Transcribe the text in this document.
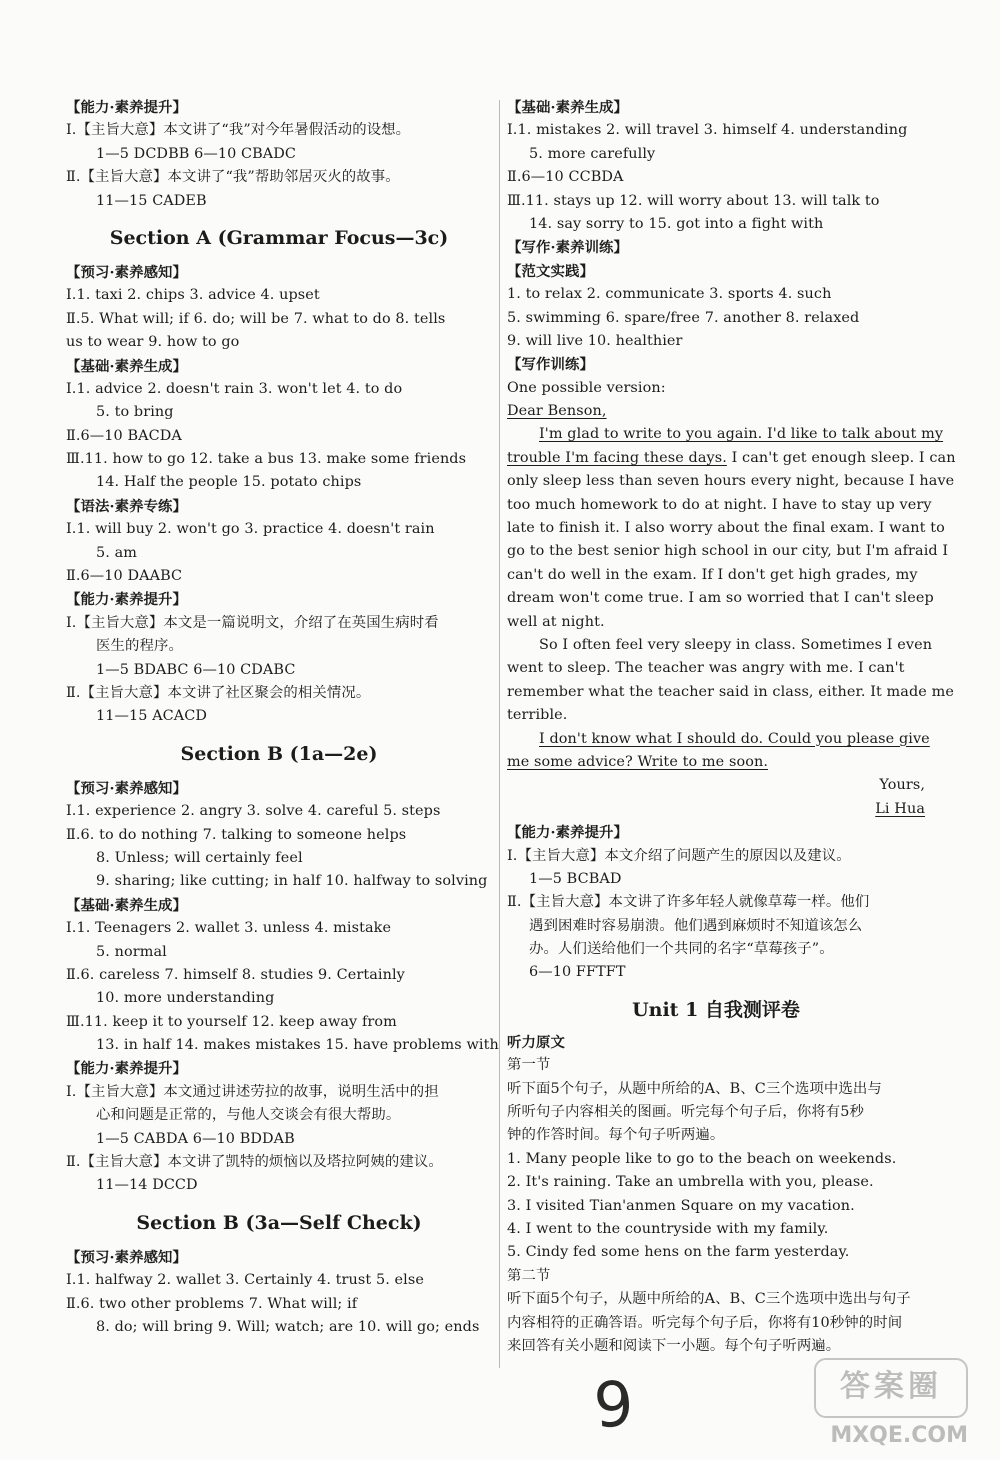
【能力·素养提升】
Ⅰ.【主旨大意】本文讲了“我”对今年暑假活动的设想。
1—5 DCDBB 6—10 CBADC
Ⅱ.【主旨大意】本文讲了“我”帮助邻居灭火的故事。
11—15 CADEB
Section A (Grammar Focus—3c)
【预习·素养感知】
Ⅰ.1. taxi 2. chips 3. advice 4. upset
Ⅱ.5. What will; if 6. do; will be 7. what to do 8. tells
us to wear 9. how to go
【基础·素养生成】
Ⅰ.1. advice 2. doesn't rain 3. won't let 4. to do
5. to bring
Ⅱ.6—10 BACDA
Ⅲ.11. how to go 12. take a bus 13. make some friends
14. Half the people 15. potato chips
【语法·素养专练】
Ⅰ.1. will buy 2. won't go 3. practice 4. doesn't rain
5. am
Ⅱ.6—10 DAABC
【能力·素养提升】
Ⅰ.【主旨大意】本文是一篇说明文，介绍了在英国生病时看
医生的程序。
1—5 BDABC 6—10 CDABC
Ⅱ.【主旨大意】本文讲了社区聚会的相关情况。
11—15 ACACD
Section B (1a—2e)
【预习·素养感知】
Ⅰ.1. experience 2. angry 3. solve 4. careful 5. steps
Ⅱ.6. to do nothing 7. talking to someone helps
8. Unless; will certainly feel
9. sharing; like cutting; in half 10. halfway to solving
【基础·素养生成】
Ⅰ.1. Teenagers 2. wallet 3. unless 4. mistake
5. normal
Ⅱ.6. careless 7. himself 8. studies 9. Certainly
10. more understanding
Ⅲ.11. keep it to yourself 12. keep away from
13. in half 14. makes mistakes 15. have problems with
【能力·素养提升】
Ⅰ.【主旨大意】本文通过讲述劳拉的故事，说明生活中的担
心和问题是正常的，与他人交谈会有很大帮助。
1—5 CABDA 6—10 BDDAB
Ⅱ.【主旨大意】本文讲了凯特的烦恼以及塔拉阿姨的建议。
11—14 DCCD
Section B (3a—Self Check)
【预习·素养感知】
Ⅰ.1. halfway 2. wallet 3. Certainly 4. trust 5. else
Ⅱ.6. two other problems 7. What will; if
8. do; will bring 9. Will; watch; are 10. will go; ends
【基础·素养生成】
Ⅰ.1. mistakes 2. will travel 3. himself 4. understanding
5. more carefully
Ⅱ.6—10 CCBDA
Ⅲ.11. stays up 12. will worry about 13. will talk to
14. say sorry to 15. got into a fight with
【写作·素养训练】
【范文实践】
1. to relax 2. communicate 3. sports 4. such
5. swimming 6. spare/free 7. another 8. relaxed
9. will live 10. healthier
【写作训练】
One possible version:
Dear Benson,
I'm glad to write to you again. I'd like to talk about my
trouble I'm facing these days. I can't get enough sleep. I can
only sleep less than seven hours every night, because I have
too much homework to do at night. I have to stay up very
late to finish it. I also worry about the final exam. I want to
go to the best senior high school in our city, but I'm afraid I
can't do well in the exam. If I don't get high grades, my
dream won't come true. I am so worried that I can't sleep
well at night.
So I often feel very sleepy in class. Sometimes I even
went to sleep. The teacher was angry with me. I can't
remember what the teacher said in class, either. It made me
terrible.
I don't know what I should do. Could you please give
me some advice? Write to me soon.
Yours,
Li Hua
【能力·素养提升】
Ⅰ.【主旨大意】本文介绍了问题产生的原因以及建议。
1—5 BCBAD
Ⅱ.【主旨大意】本文讲了许多年轻人就像草莓一样。他们
遇到困难时容易崩溃。他们遇到麻烦时不知道该怎么
办。人们送给他们一个共同的名字“草莓孩子”。
6—10 FFTFT
Unit 1 自我测评卷
听力原文
第一节
听下面5个句子，从题中所给的A、B、C三个选项中选出与
所听句子内容相关的图画。听完每个句子后，你将有5秒
钟的作答时间。每个句子听两遍。
1. Many people like to go to the beach on weekends.
2. It's raining. Take an umbrella with you, please.
3. I visited Tian'anmen Square on my vacation.
4. I went to the countryside with my family.
5. Cindy fed some hens on the farm yesterday.
第二节
听下面5个句子，从题中所给的A、B、C三个选项中选出与句子
内容相符的正确答语。听完每个句子后，你将有10秒钟的时间
来回答有关小题和阅读下一小题。每个句子听两遍。
9	答案圈
MXQE.COM
